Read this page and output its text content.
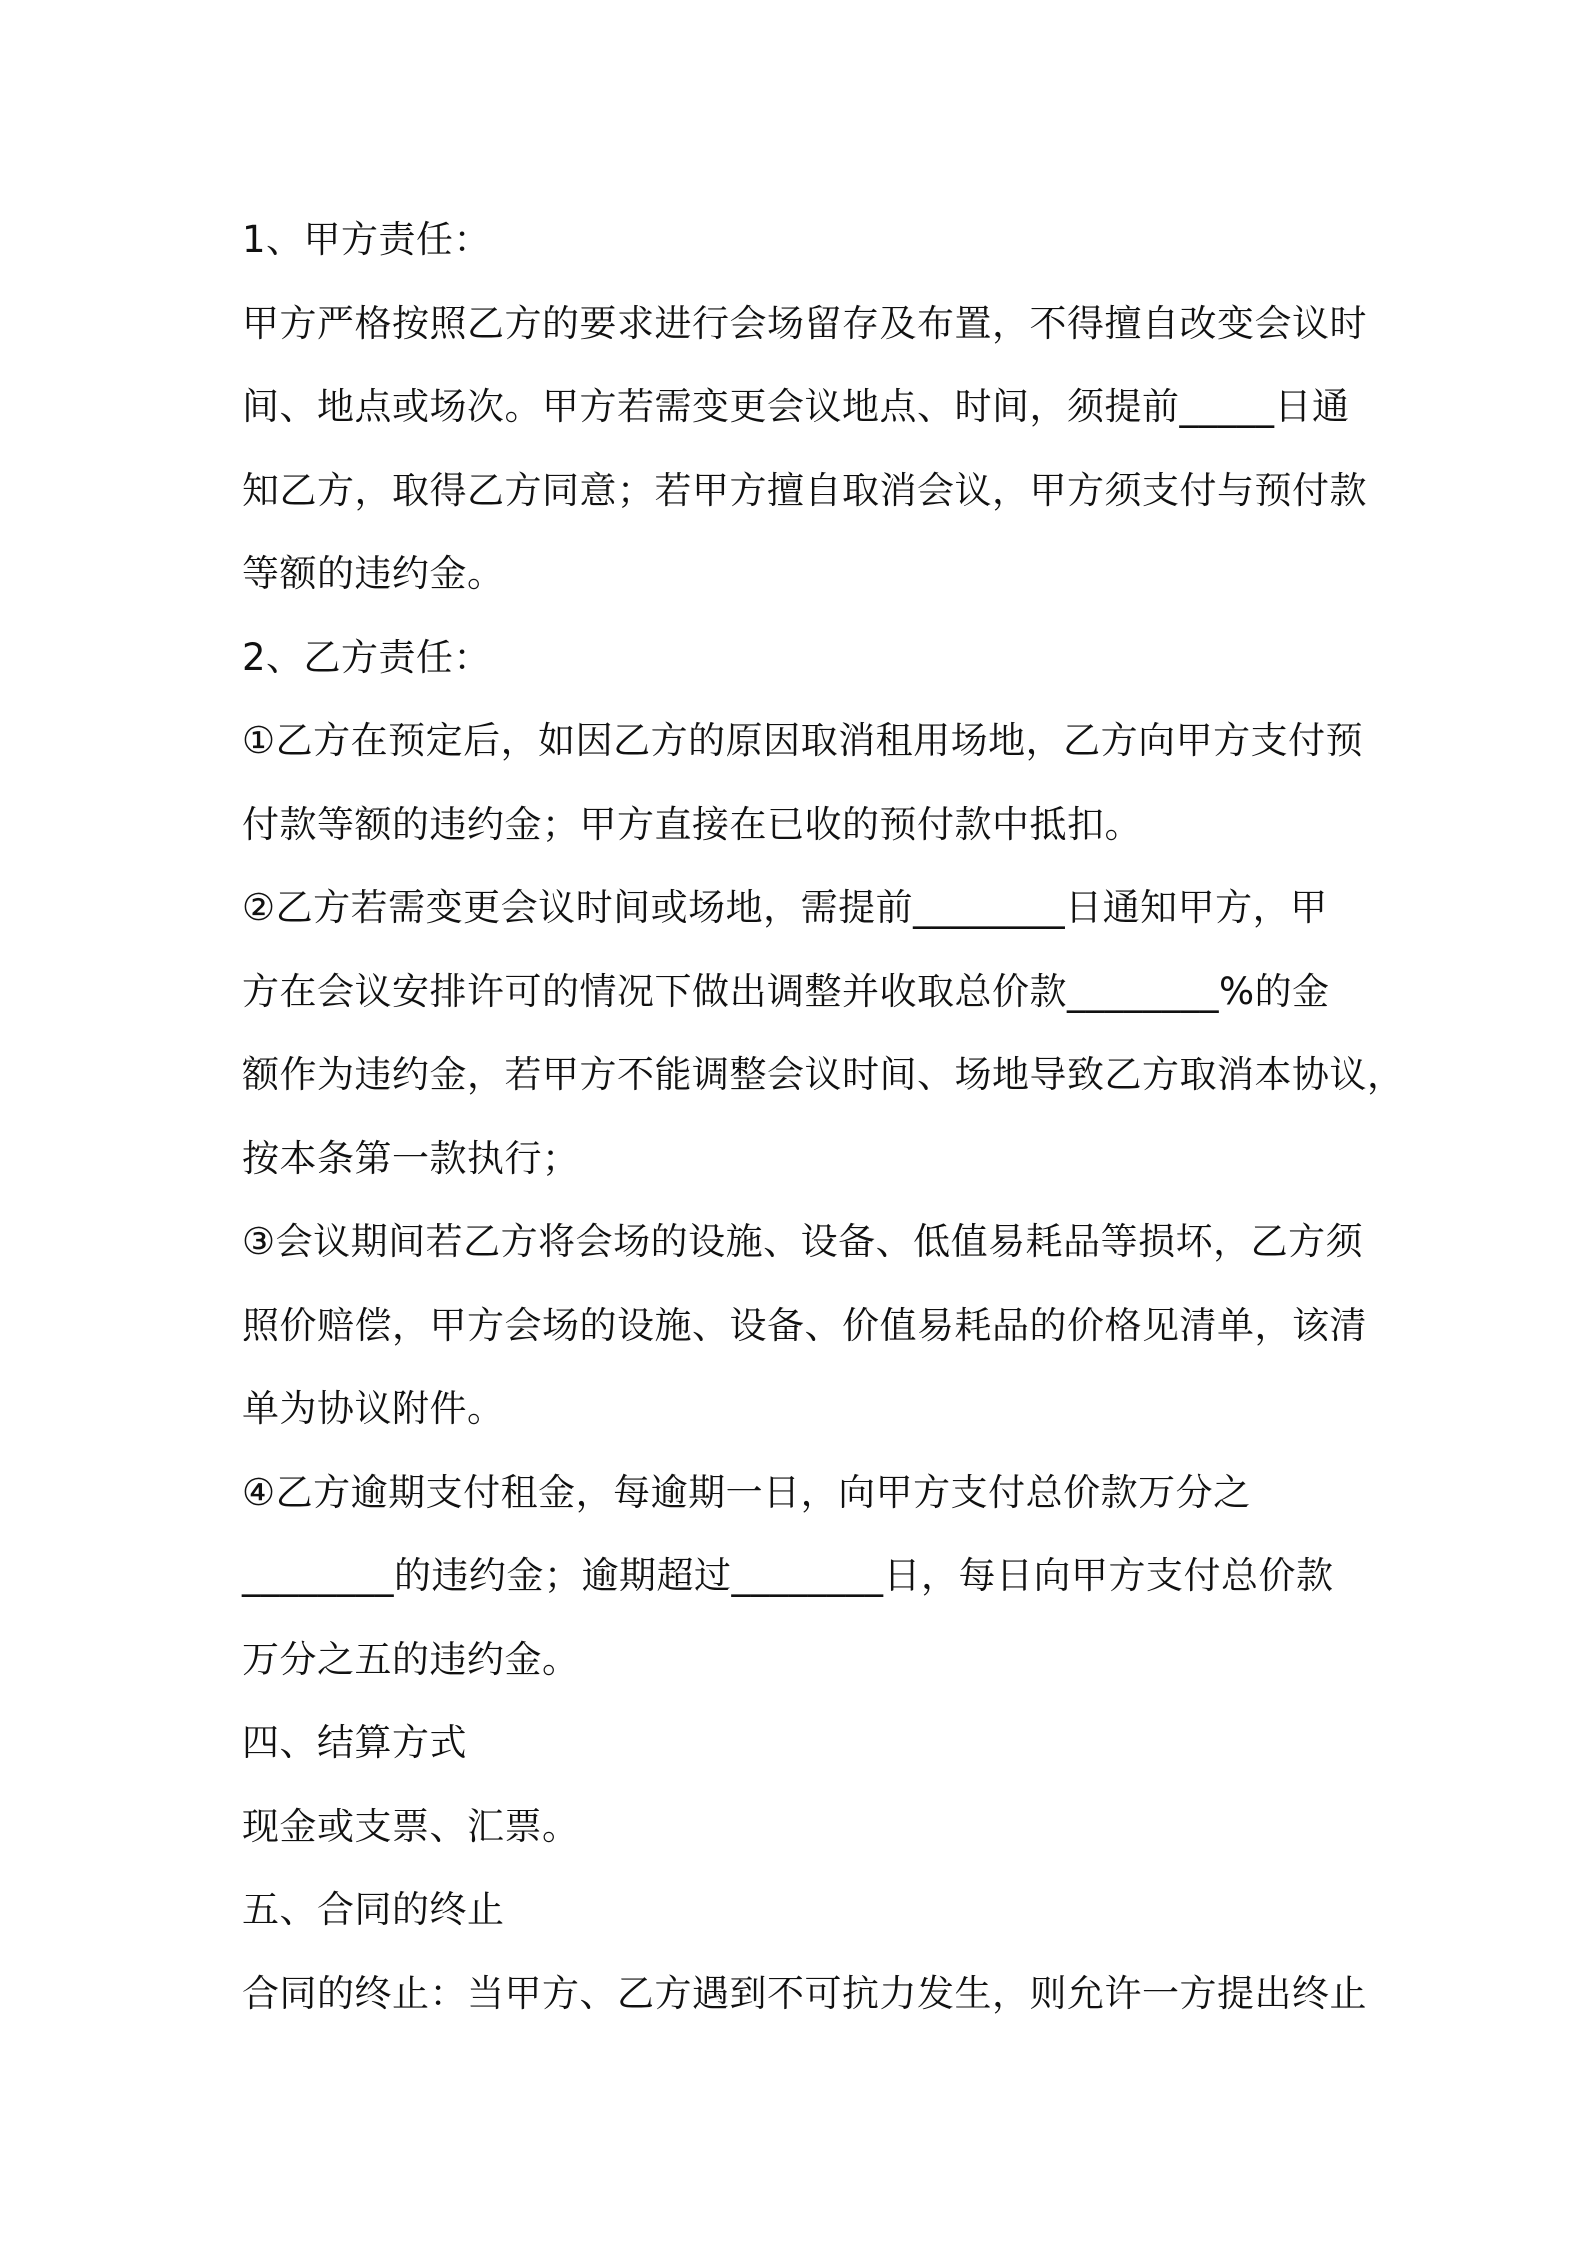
1、甲方责任：
甲方严格按照乙方的要求进行会场留存及布置，不得擅自改变会议时
间、地点或场次。甲方若需变更会议地点、时间，须提前_____日通
知乙方，取得乙方同意；若甲方擅自取消会议，甲方须支付与预付款
等额的违约金。
2、乙方责任：
①乙方在预定后，如因乙方的原因取消租用场地，乙方向甲方支付预
付款等额的违约金；甲方直接在已收的预付款中抵扣。
②乙方若需变更会议时间或场地，需提前________日通知甲方，甲
方在会议安排许可的情况下做出调整并收取总价款________%的金
额作为违约金，若甲方不能调整会议时间、场地导致乙方取消本协议，
按本条第一款执行；
③会议期间若乙方将会场的设施、设备、低值易耗品等损坏，乙方须
照价赔偿，甲方会场的设施、设备、价值易耗品的价格见清单，该清
单为协议附件。
④乙方逾期支付租金，每逾期一日，向甲方支付总价款万分之
________的违约金；逾期超过________日，每日向甲方支付总价款
万分之五的违约金。
四、结算方式
现金或支票、汇票。
五、合同的终止
合同的终止：当甲方、乙方遇到不可抗力发生，则允许一方提出终止
